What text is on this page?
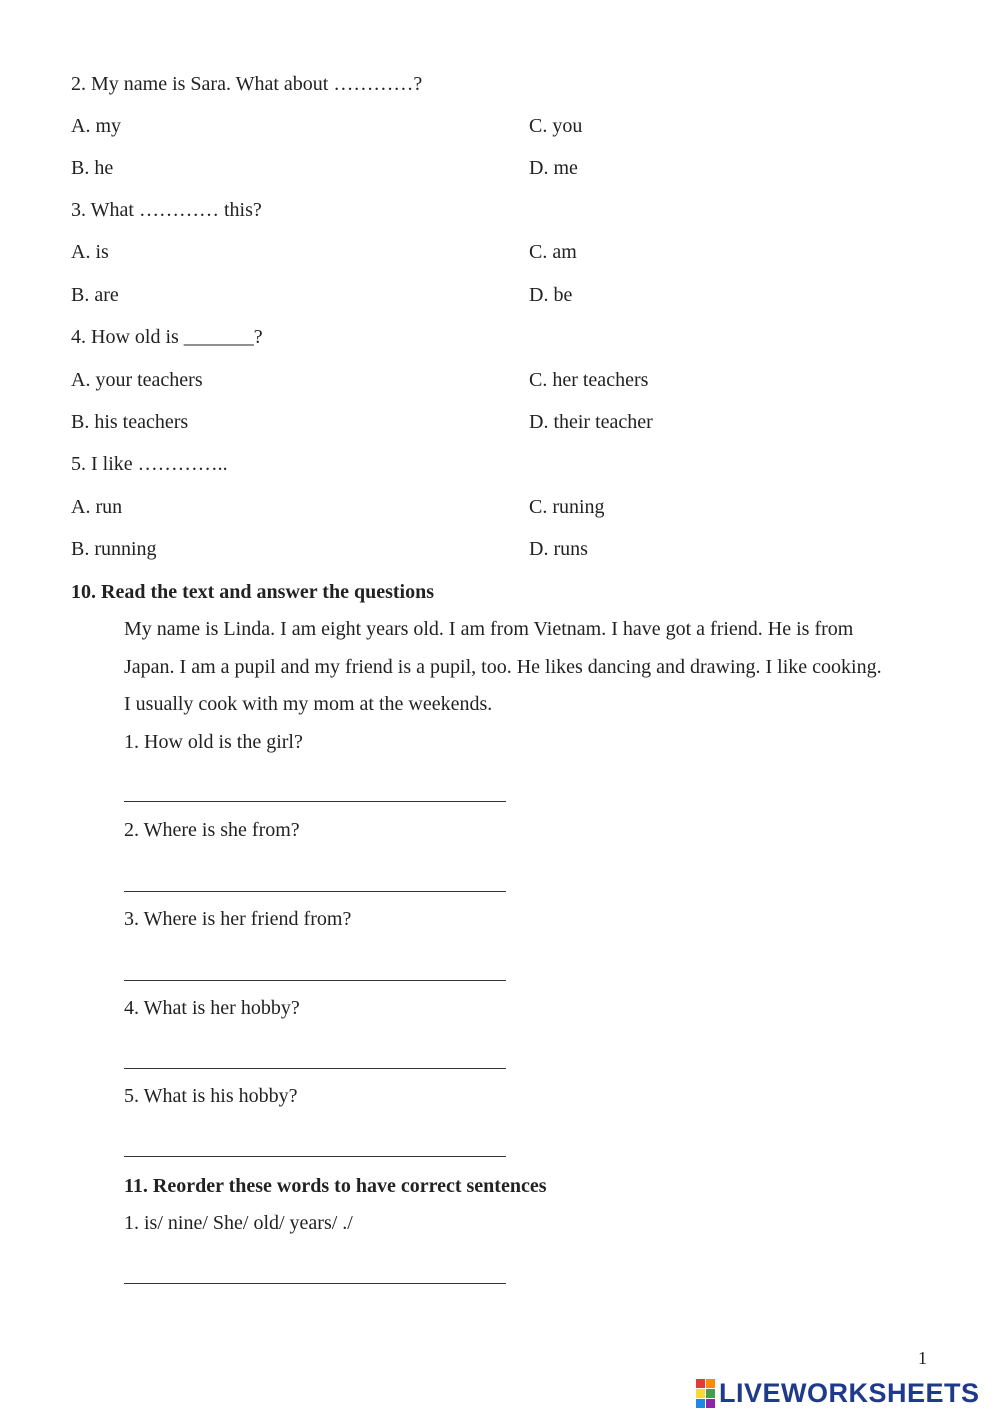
2. My name is Sara. What about …………?
A. my	C. you
B. he	D. me
3. What ………… this?
A. is	C. am
B. are	D. be
4. How old is _______?
A. your teachers	C. her teachers
B. his teachers	D. their teacher
5. I like …………..
A. run	C. runing
B. running	D. runs
10. Read the text and answer the questions
My name is Linda. I am eight years old. I am from Vietnam. I have got a friend. He is from
Japan. I am a pupil and my friend is a pupil, too. He likes dancing and drawing. I like cooking.
I usually cook with my mom at the weekends.
1. How old is the girl?
2. Where is she from?
3. Where is her friend from?
4. What is her hobby?
5. What is his hobby?
11. Reorder these words to have correct sentences
1. is/ nine/ She/ old/ years/ ./
1
LIVEWORKSHEETS
